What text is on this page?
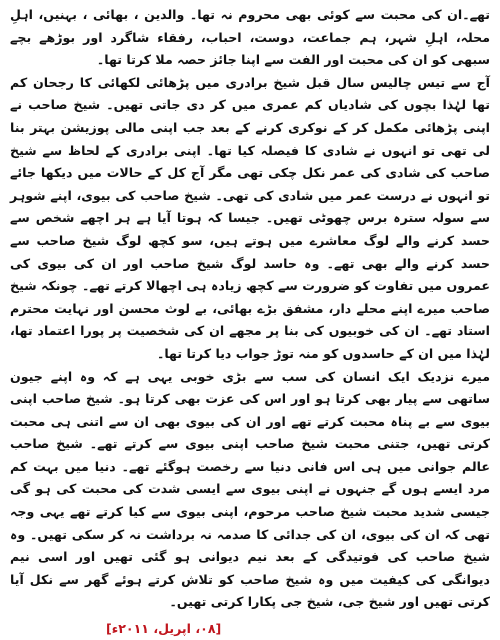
تھے۔ان کی محبت سے کوئی بھی محروم نہ تھا۔ والدین ، بھائی ، بہنیں، اہلِ محلہ، اہلِ شہر، ہم جماعت، دوست، احباب، رفقاء شاگرد اور بوڑھے بچے سبھی کو ان کی محبت اور الفت سے اپنا جائز حصہ ملا کرتا تھا۔

آج سے تیس چالیس سال قبل شیخ برادری میں پڑھائی لکھائی کا رجحان کم تھا لہٰذا بچوں کی شادیاں کم عمری میں کر دی جاتی تھیں۔ شیخ صاحب نے اپنی پڑھائی مکمل کر کے نوکری کرنے کے بعد جب اپنی مالی پوزیشن بہتر بنا لی تھی تو انہوں نے شادی کا فیصلہ کیا تھا۔ اپنی برادری کے لحاظ سے شیخ صاحب کی شادی کی عمر نکل چکی تھی مگر آج کل کے حالات میں دیکھا جائے تو انہوں نے درست عمر میں شادی کی تھی۔ شیخ صاحب کی بیوی، اپنے شوہر سے سولہ سترہ برس چھوٹی تھیں۔ جیسا کہ ہوتا آیا ہے ہر اچھے شخص سے حسد کرنے والے لوگ معاشرے میں ہوتے ہیں، سو کچھ لوگ شیخ صاحب سے حسد کرنے والے بھی تھے۔ وہ حاسد لوگ شیخ صاحب اور ان کی بیوی کی عمروں میں تفاوت کو ضرورت سے کچھ زیادہ ہی اچھالا کرتے تھے۔ چونکہ شیخ صاحب میرے اپنے محلے دار، مشفق بڑے بھائی، بے لوث محسن اور نہایت محترم استاد تھے۔ ان کی خوبیوں کی بنا پر مجھے ان کی شخصیت پر پورا اعتماد تھا، لہٰذا میں ان کے حاسدوں کو منہ توڑ جواب دیا کرتا تھا۔

میرے نزدیک ایک انسان کی سب سے بڑی خوبی یہی ہے کہ وہ اپنے جیون ساتھی سے پیار بھی کرتا ہو اور اس کی عزت بھی کرتا ہو۔ شیخ صاحب اپنی بیوی سے بے پناہ محبت کرتے تھے اور ان کی بیوی بھی ان سے اتنی ہی محبت کرتی تھیں، جتنی محبت شیخ صاحب اپنی بیوی سے کرتے تھے۔ شیخ صاحب عالم جوانی میں ہی اس فانی دنیا سے رخصت ہوگئے تھے۔ دنیا میں بہت کم مرد ایسے ہوں گے جنہوں نے اپنی بیوی سے ایسی شدت کی محبت کی ہو گی جیسی شدید محبت شیخ صاحب مرحوم، اپنی بیوی سے کیا کرتے تھے یہی وجہ تھی کہ ان کی بیوی، ان کی جدائی کا صدمہ نہ برداشت نہ کر سکی تھیں۔ وہ شیخ صاحب کی فوتیدگی کے بعد نیم دیوانی ہو گئی تھیں اور اسی نیم دیوانگی کی کیفیت میں وہ شیخ صاحب کو تلاش کرتے ہوئے گھر سے نکل آیا کرتی تھیں اور شیخ جی، شیخ جی پکارا کرتی تھیں۔

[۰۸، اپریل، ۲۰۱۱ء]
